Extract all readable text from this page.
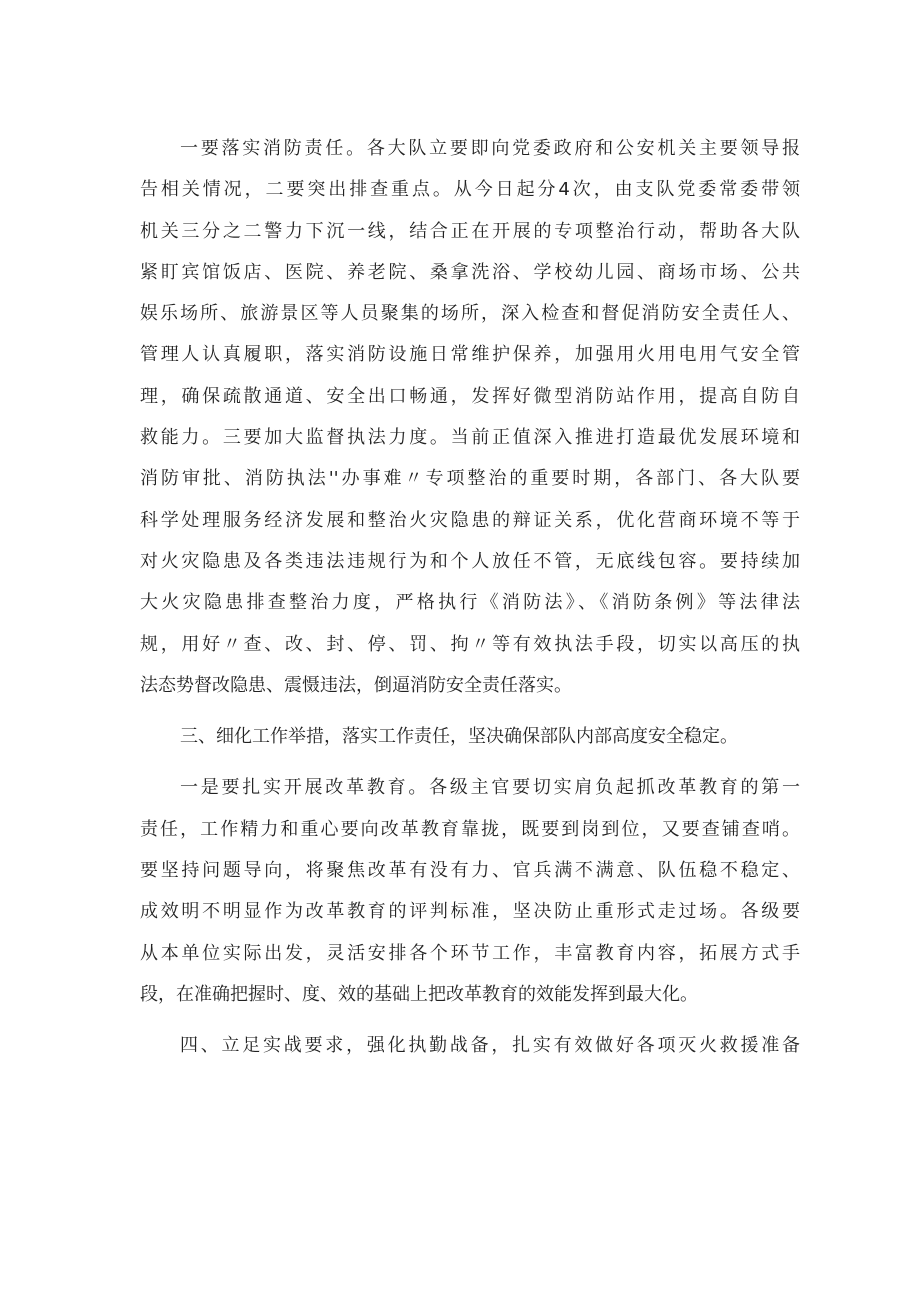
一要落实消防责任。各大队立要即向党委政府和公安机关主要领导报
告相关情况，二要突出排查重点。从今日起分4次，由支队党委常委带领
机关三分之二警力下沉一线，结合正在开展的专项整治行动，帮助各大队
紧盯宾馆饭店、医院、养老院、桑拿洗浴、学校幼儿园、商场市场、公共
娱乐场所、旅游景区等人员聚集的场所，深入检查和督促消防安全责任人、
管理人认真履职，落实消防设施日常维护保养，加强用火用电用气安全管
理，确保疏散通道、安全出口畅通，发挥好微型消防站作用，提高自防自
救能力。三要加大监督执法力度。当前正值深入推进打造最优发展环境和
消防审批、消防执法''办事难〃专项整治的重要时期，各部门、各大队要
科学处理服务经济发展和整治火灾隐患的辩证关系，优化营商环境不等于
对火灾隐患及各类违法违规行为和个人放任不管，无底线包容。要持续加
大火灾隐患排查整治力度，严格执行《消防法》、《消防条例》等法律法
规，用好〃查、改、封、停、罚、拘〃等有效执法手段，切实以高压的执
法态势督改隐患、震慑违法，倒逼消防安全责任落实。
三、细化工作举措，落实工作责任，坚决确保部队内部高度安全稳定。
一是要扎实开展改革教育。各级主官要切实肩负起抓改革教育的第一
责任，工作精力和重心要向改革教育靠拢，既要到岗到位，又要查铺查哨。
要坚持问题导向，将聚焦改革有没有力、官兵满不满意、队伍稳不稳定、
成效明不明显作为改革教育的评判标准，坚决防止重形式走过场。各级要
从本单位实际出发，灵活安排各个环节工作，丰富教育内容，拓展方式手
段，在准确把握时、度、效的基础上把改革教育的效能发挥到最大化。
四、立足实战要求，强化执勤战备，扎实有效做好各项灭火救援准备
